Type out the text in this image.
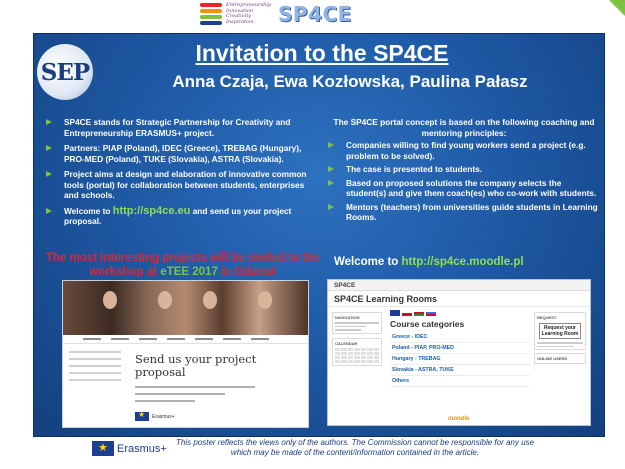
Entrepreneurship
Innovation
Creativity
Inspiration	SP4CE
SEP
Invitation to the SP4CE
Anna Czaja, Ewa Kozłowska, Paulina Pałasz
SP4CE stands for Strategic Partnership for Creativity and Entrepreneurship ERASMUS+ project.
Partners: PIAP (Poland), IDEC (Greece), TREBAG (Hungary), PRO-MED (Poland), TUKE (Slovakia), ASTRA (Slovakia).
Project aims at design and elaboration of innovative common tools (portal) for collaboration between students, enterprises and schools.
Welcome to http://sp4ce.eu and send us your project proposal.
The most interesting projects will be invited to the workshop at eTEE 2017 in Gdansk
The SP4CE portal concept is based on the following coaching and mentoring principles:
Companies willing to find young workers send a project (e.g. problem to be solved).
The case is presented to students.
Based on proposed solutions the company selects the student(s) and give them coach(es) who co-work with students.
Mentors (teachers) from universities guide students in Learning Rooms.
Welcome to http://sp4ce.moodle.pl
Send us your project proposal
★
Erasmus+
SP4CE
SP4CE Learning Rooms
NAVIGATION
CALENDAR
Course categories
Greece - IDEC
Poland - PIAP, PRO-MED
Hungary - TREBAG
Slovakia - ASTRA, TUKE
Others
REQUEST
Request your Learning Room
ONLINE USERS
moodle
★
Erasmus+	This poster reflects the views only of the authors. The Commission cannot be responsible for any use which may be made of the content/information contained in the article.
